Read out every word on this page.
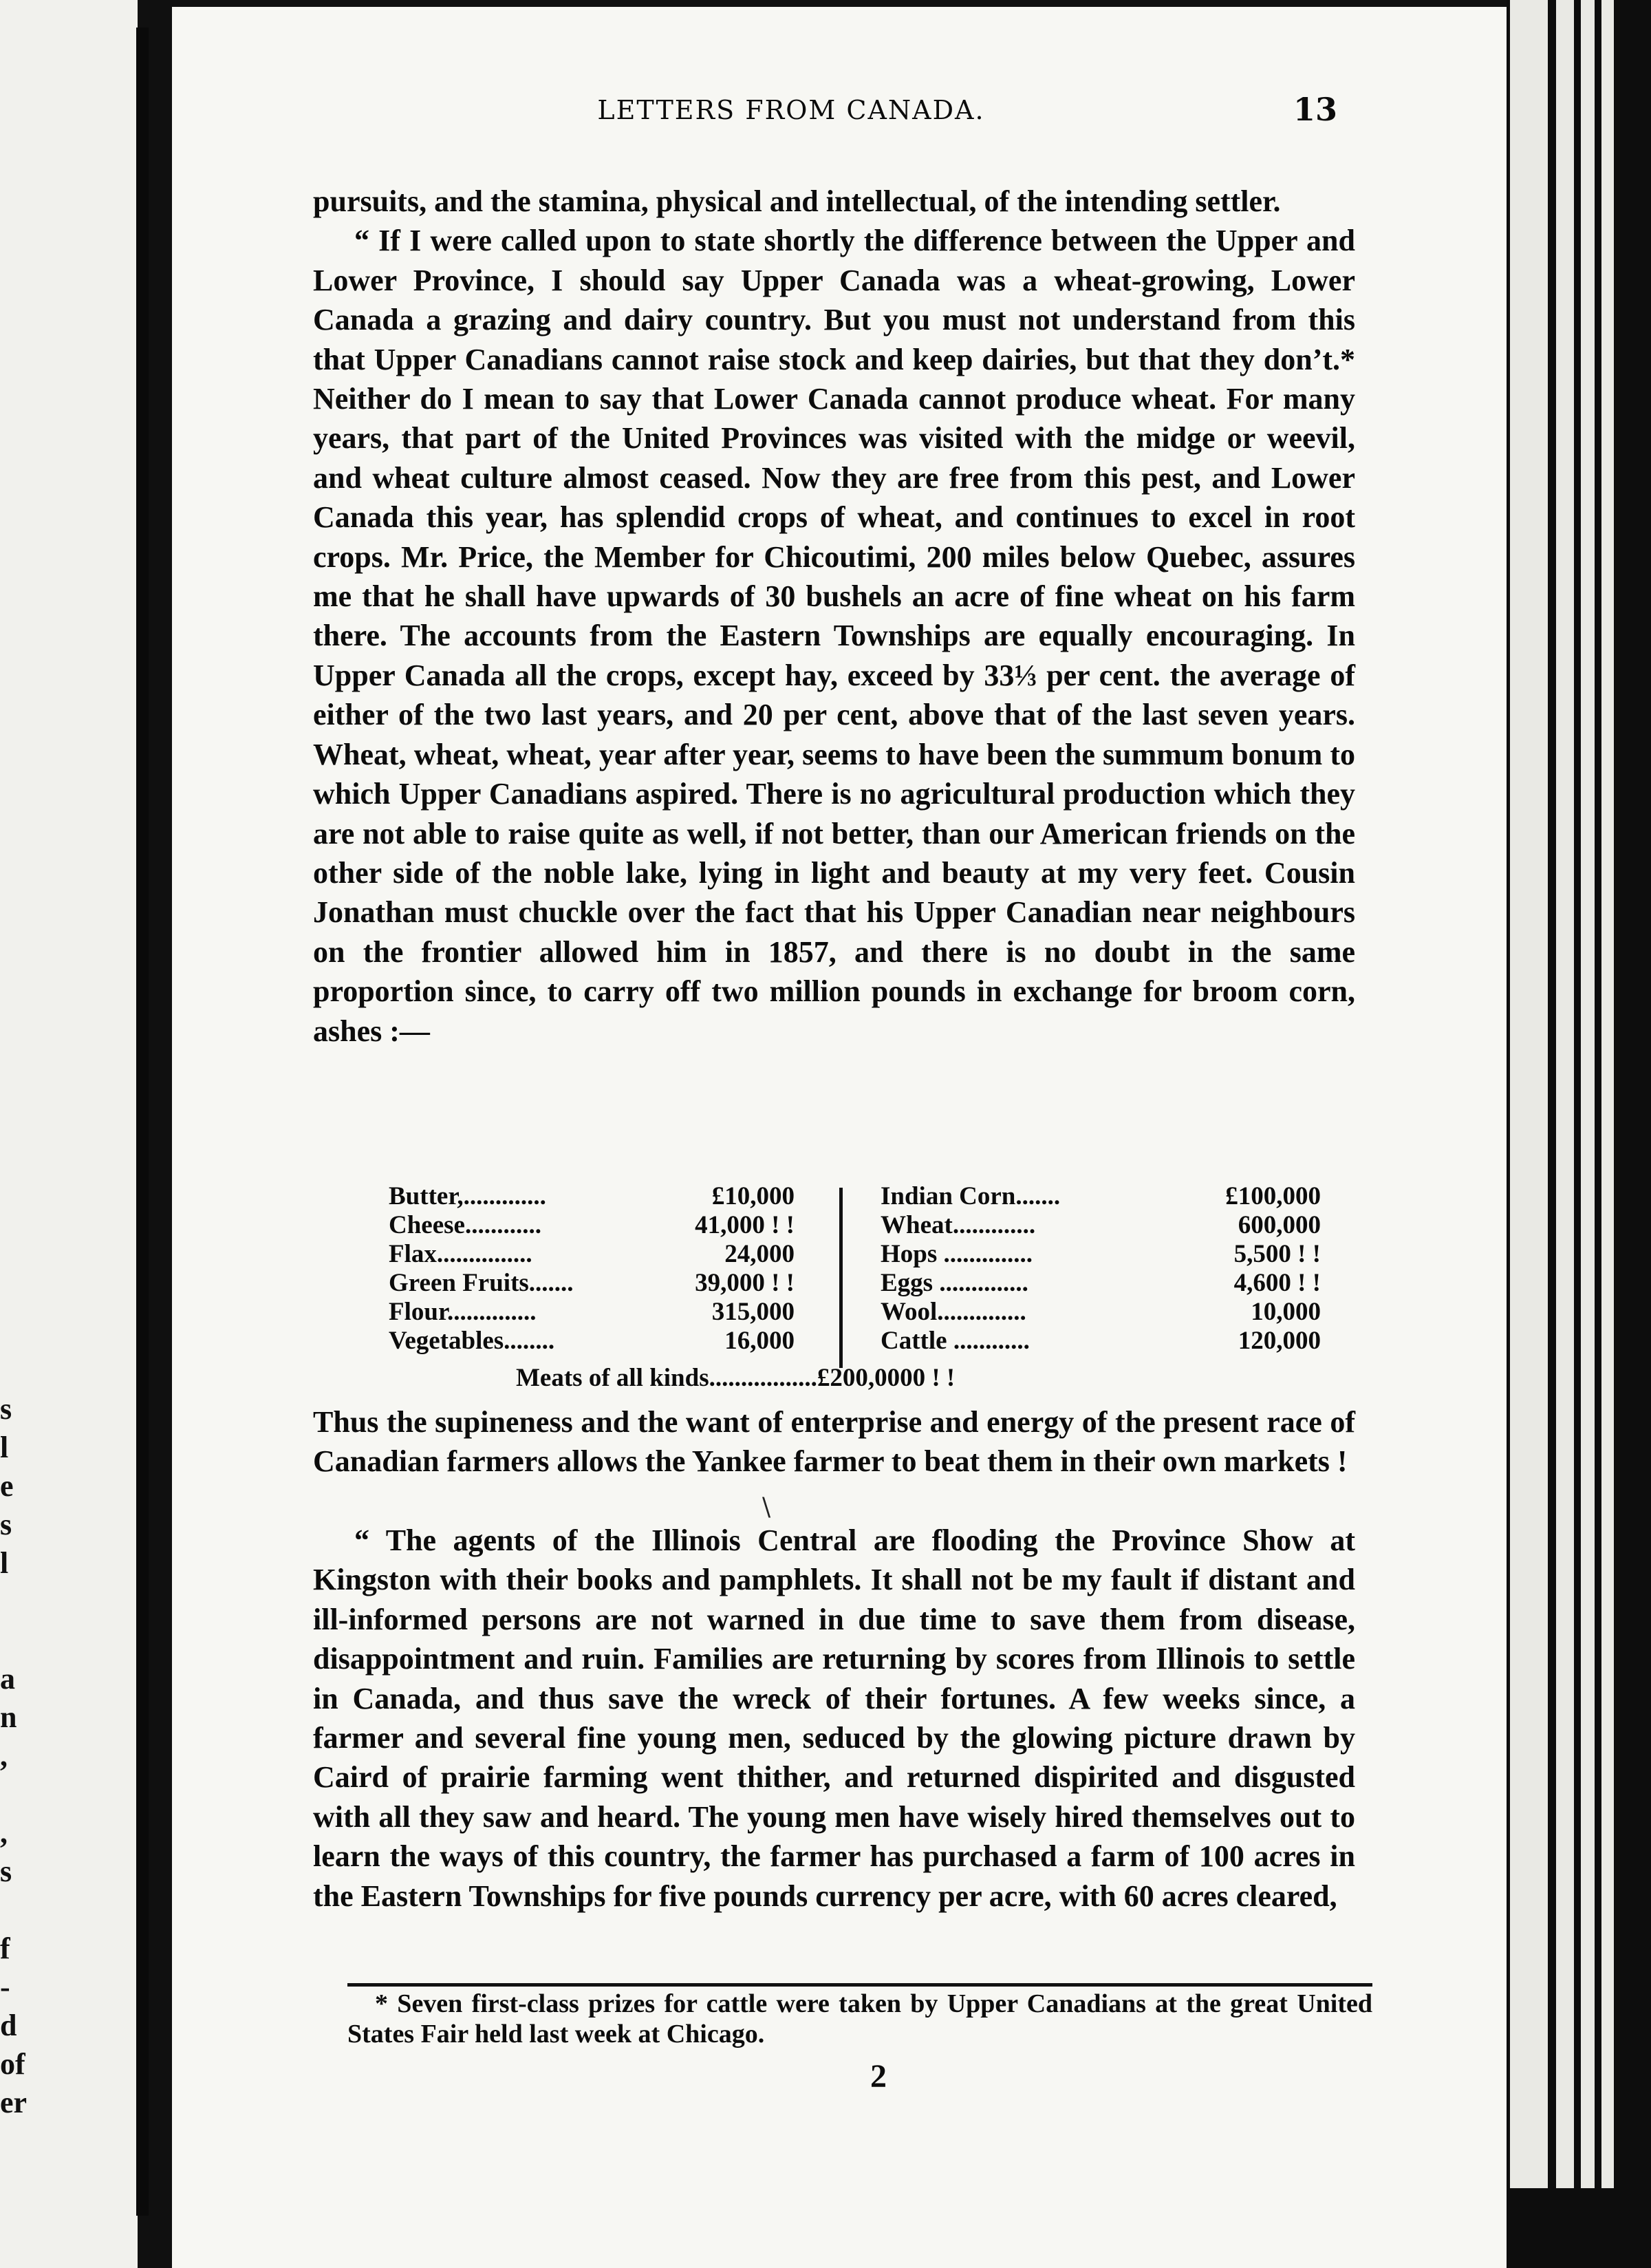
s
l
e
s
l

a
n
,

,
s

f
-
d
of
er
LETTERS FROM CANADA.	13

pursuits, and the stamina, physical and intellectual, of the intending settler.

“ If I were called upon to state shortly the difference between the Upper and Lower Province, I should say Upper Canada was a wheat-growing, Lower Canada a grazing and dairy country. But you must not understand from this that Upper Canadians cannot raise stock and keep dairies, but that they don’t.* Neither do I mean to say that Lower Canada cannot produce wheat. For many years, that part of the United Provinces was visited with the midge or weevil, and wheat culture almost ceased. Now they are free from this pest, and Lower Canada this year, has splendid crops of wheat, and continues to excel in root crops. Mr. Price, the Member for Chicoutimi, 200 miles below Quebec, assures me that he shall have upwards of 30 bushels an acre of fine wheat on his farm there. The accounts from the Eastern Townships are equally encouraging. In Upper Canada all the crops, except hay, exceed by 33⅓ per cent. the average of either of the two last years, and 20 per cent, above that of the last seven years. Wheat, wheat, wheat, year after year, seems to have been the summum bonum to which Upper Canadians aspired. There is no agricultural production which they are not able to raise quite as well, if not better, than our American friends on the other side of the noble lake, lying in light and beauty at my very feet. Cousin Jonathan must chuckle over the fact that his Upper Canadian near neighbours on the frontier allowed him in 1857, and there is no doubt in the same proportion since, to carry off two million pounds in exchange for broom corn, ashes :—

Butter,.............	£10,000
Cheese............	41,000 ! !
Flax...............	24,000
Green Fruits.......	39,000 ! !
Flour..............	315,000
Vegetables........	16,000
Indian Corn.......	£100,000
Wheat.............	600,000
Hops ..............	5,500 ! !
Eggs ..............	4,600 ! !
Wool..............	10,000
Cattle ............	120,000
Meats of all kinds.................£200,0000 ! !

Thus the supineness and the want of enterprise and energy of the present race of Canadian farmers allows the Yankee farmer to beat them in their own markets !

\

“ The agents of the Illinois Central are flooding the Province Show at Kingston with their books and pamphlets. It shall not be my fault if distant and ill-informed persons are not warned in due time to save them from disease, disappointment and ruin. Families are returning by scores from Illinois to settle in Canada, and thus save the wreck of their fortunes. A few weeks since, a farmer and several fine young men, seduced by the glowing picture drawn by Caird of prairie farming went thither, and returned dispirited and disgusted with all they saw and heard. The young men have wisely hired themselves out to learn the ways of this country, the farmer has purchased a farm of 100 acres in the Eastern Townships for five pounds currency per acre, with 60 acres cleared,

* Seven first-class prizes for cattle were taken by Upper Canadians at the great United States Fair held last week at Chicago.
2
